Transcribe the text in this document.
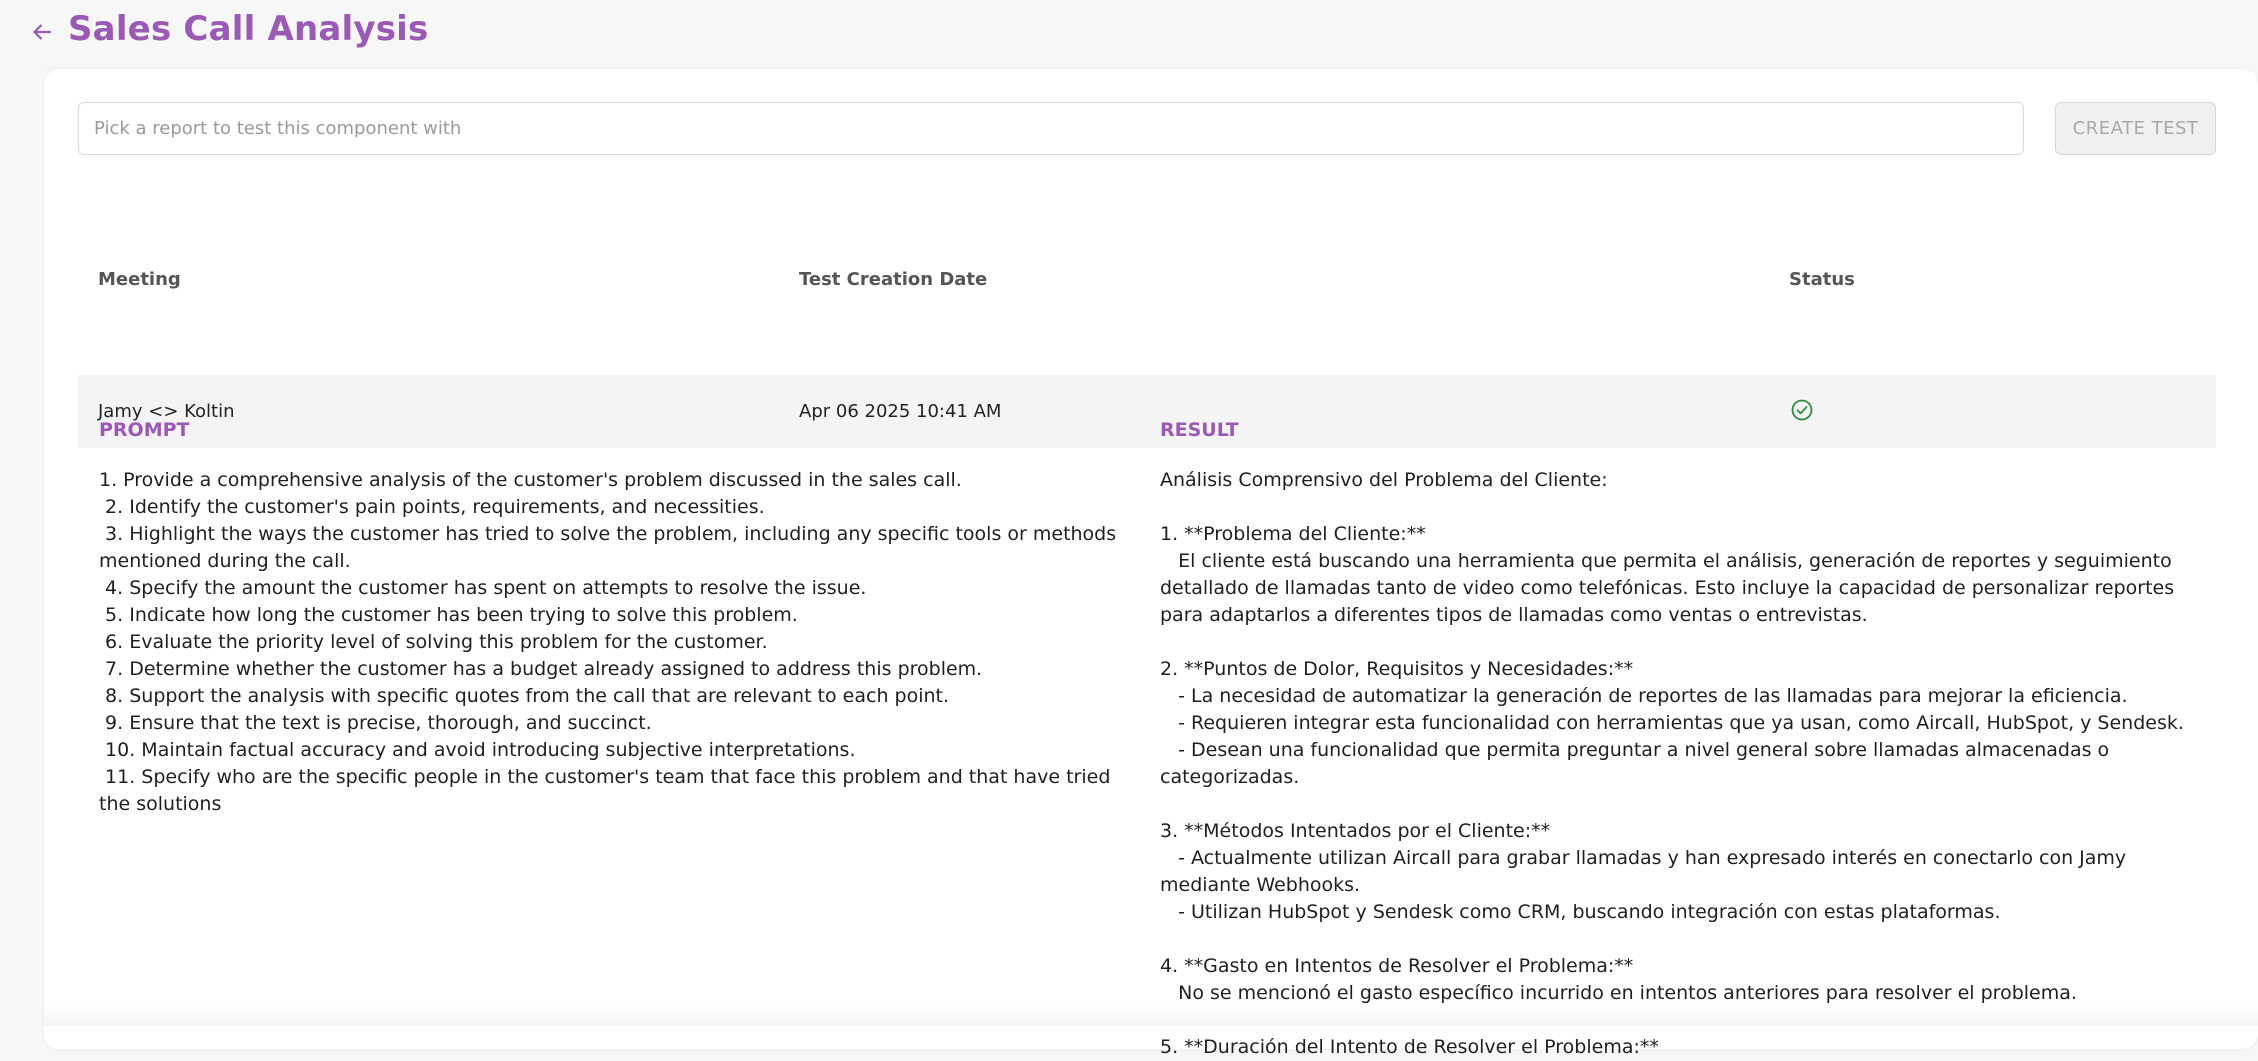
Sales Call Analysis
Pick a report to test this component with
CREATE TEST
Meeting	Test Creation Date	Status
Jamy <> Koltin	Apr 06 2025 10:41 AM
PROMPT
1. Provide a comprehensive analysis of the customer's problem discussed in the sales call.
2. Identify the customer's pain points, requirements, and necessities.
3. Highlight the ways the customer has tried to solve the problem, including any specific tools or methods mentioned during the call.
4. Specify the amount the customer has spent on attempts to resolve the issue.
5. Indicate how long the customer has been trying to solve this problem.
6. Evaluate the priority level of solving this problem for the customer.
7. Determine whether the customer has a budget already assigned to address this problem.
8. Support the analysis with specific quotes from the call that are relevant to each point.
9. Ensure that the text is precise, thorough, and succinct.
10. Maintain factual accuracy and avoid introducing subjective interpretations.
11. Specify who are the specific people in the customer's team that face this problem and that have tried the solutions
RESULT
Análisis Comprensivo del Problema del Cliente:

1. **Problema del Cliente:**
El cliente está buscando una herramienta que permita el análisis, generación de reportes y seguimiento detallado de llamadas tanto de video como telefónicas. Esto incluye la capacidad de personalizar reportes para adaptarlos a diferentes tipos de llamadas como ventas o entrevistas.

2. **Puntos de Dolor, Requisitos y Necesidades:**
- La necesidad de automatizar la generación de reportes de las llamadas para mejorar la eficiencia.
- Requieren integrar esta funcionalidad con herramientas que ya usan, como Aircall, HubSpot, y Sendesk.
- Desean una funcionalidad que permita preguntar a nivel general sobre llamadas almacenadas o categorizadas.

3. **Métodos Intentados por el Cliente:**
- Actualmente utilizan Aircall para grabar llamadas y han expresado interés en conectarlo con Jamy mediante Webhooks.
- Utilizan HubSpot y Sendesk como CRM, buscando integración con estas plataformas.

4. **Gasto en Intentos de Resolver el Problema:**
No se mencionó el gasto específico incurrido en intentos anteriores para resolver el problema.

5. **Duración del Intento de Resolver el Problema:**
